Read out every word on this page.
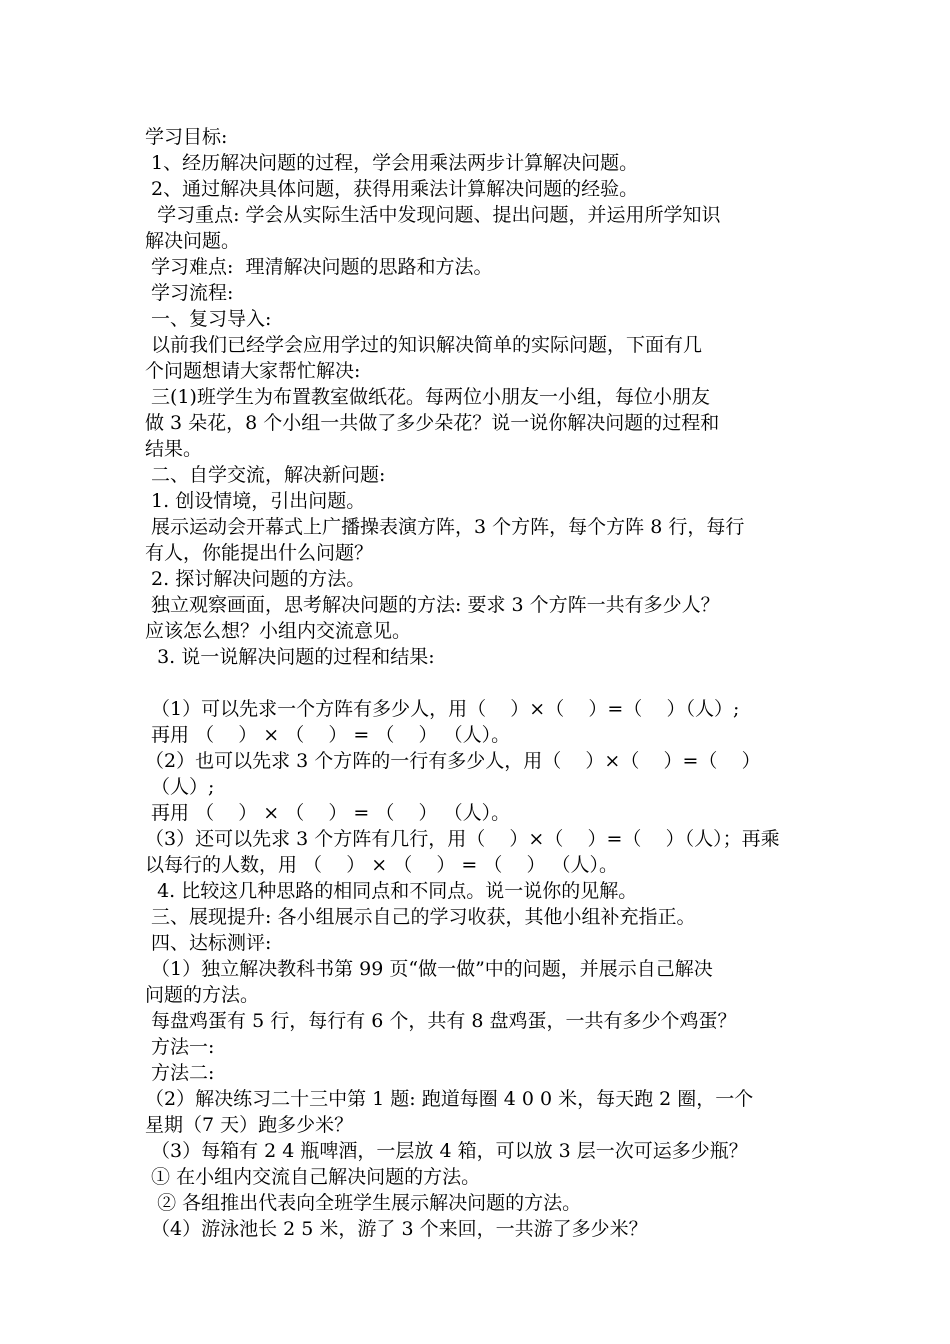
学习目标:
1、经历解决问题的过程，学会用乘法两步计算解决问题。
2、通过解决具体问题，获得用乘法计算解决问题的经验。
学习重点: 学会从实际生活中发现问题、提出问题，并运用所学知识
解决问题。
学习难点:  理清解决问题的思路和方法。
学习流程:
一、复习导入:
以前我们已经学会应用学过的知识解决简单的实际问题，下面有几
个问题想请大家帮忙解决:
三(1)班学生为布置教室做纸花。每两位小朋友一小组，每位小朋友
做 3 朵花，8 个小组一共做了多少朵花？说一说你解决问题的过程和
结果。
二、自学交流，解决新问题:
1. 创设情境，引出问题。
展示运动会开幕式上广播操表演方阵，3 个方阵，每个方阵 8 行，每行
有人，你能提出什么问题？
2. 探讨解决问题的方法。
独立观察画面，思考解决问题的方法: 要求 3 个方阵一共有多少人？
应该怎么想？小组内交流意见。
3. 说一说解决问题的过程和结果:
（1）可以先求一个方阵有多少人，用（    ）×（    ）=（    ）（人）;
再用 （    ） × （    ） = （    ） （人）。
（2）也可以先求 3 个方阵的一行有多少人，用（    ）×（    ）=（    ）
（人）;
再用 （    ） × （    ） = （    ） （人）。
（3）还可以先求 3 个方阵有几行，用（    ）×（    ）=（    ）（人）；再乘
以每行的人数，用 （    ） × （    ） = （    ） （人）。
4. 比较这几种思路的相同点和不同点。说一说你的见解。
三、展现提升: 各小组展示自己的学习收获，其他小组补充指正。
四、达标测评:
（1）独立解决教科书第 99 页“做一做”中的问题，并展示自己解决
问题的方法。
每盘鸡蛋有 5 行，每行有 6 个，共有 8 盘鸡蛋，一共有多少个鸡蛋？
方法一:
方法二:
（2）解决练习二十三中第 1 题: 跑道每圈 4 0 0 米，每天跑 2 圈，一个
星期（7 天）跑多少米？
（3）每箱有 2 4 瓶啤酒，一层放 4 箱，可以放 3 层一次可运多少瓶？
① 在小组内交流自己解决问题的方法。
② 各组推出代表向全班学生展示解决问题的方法。
（4）游泳池长 2 5 米，游了 3 个来回，一共游了多少米？
